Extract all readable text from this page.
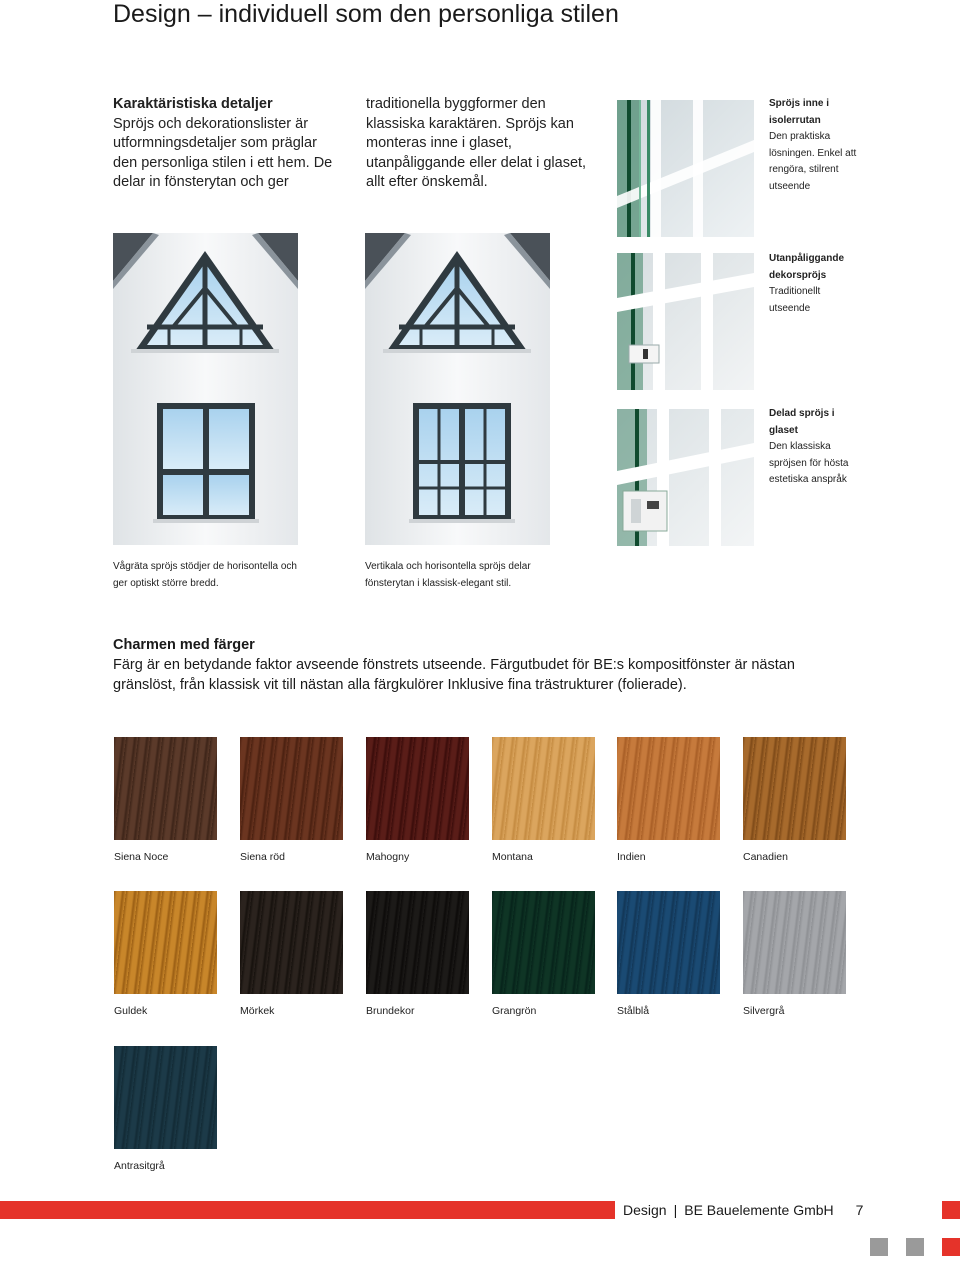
Design – individuell som den personliga stilen
Karaktäristiska detaljer
Spröjs och dekorationslister är utformningsdetaljer som präglar den personliga stilen i ett hem. De delar in fönsterytan och ger
traditionella byggformer den klassiska karaktären. Spröjs kan monteras inne i glaset, utanpåliggande eller delat i glaset, allt efter önskemål.
Spröjs inne i isolerrutan
Den praktiska lösningen. Enkel att rengöra, stilrent utseende
Utanpåliggande dekorspröjs
Traditionellt utseende
Delad spröjs i glaset
Den klassiska spröjsen för hösta estetiska anspråk
Vågräta spröjs stödjer de horisontella och ger optiskt större bredd.
Vertikala och horisontella spröjs delar fönsterytan i klassisk-elegant stil.
Charmen med färger
Färg är en betydande faktor avseende fönstrets utseende. Färgutbudet för BE:s kompositfönster är nästan gränslöst, från klassisk vit till nästan alla färgkulörer Inklusive fina trästrukturer (folierade).
Siena Noce	Siena röd	Mahogny	Montana	Indien	Canadien
Guldek	Mörkek	Brundekor	Grangrön	Stålblå	Silvergrå
Antrasitgrå
Design | BE Bauelemente GmbH 7
